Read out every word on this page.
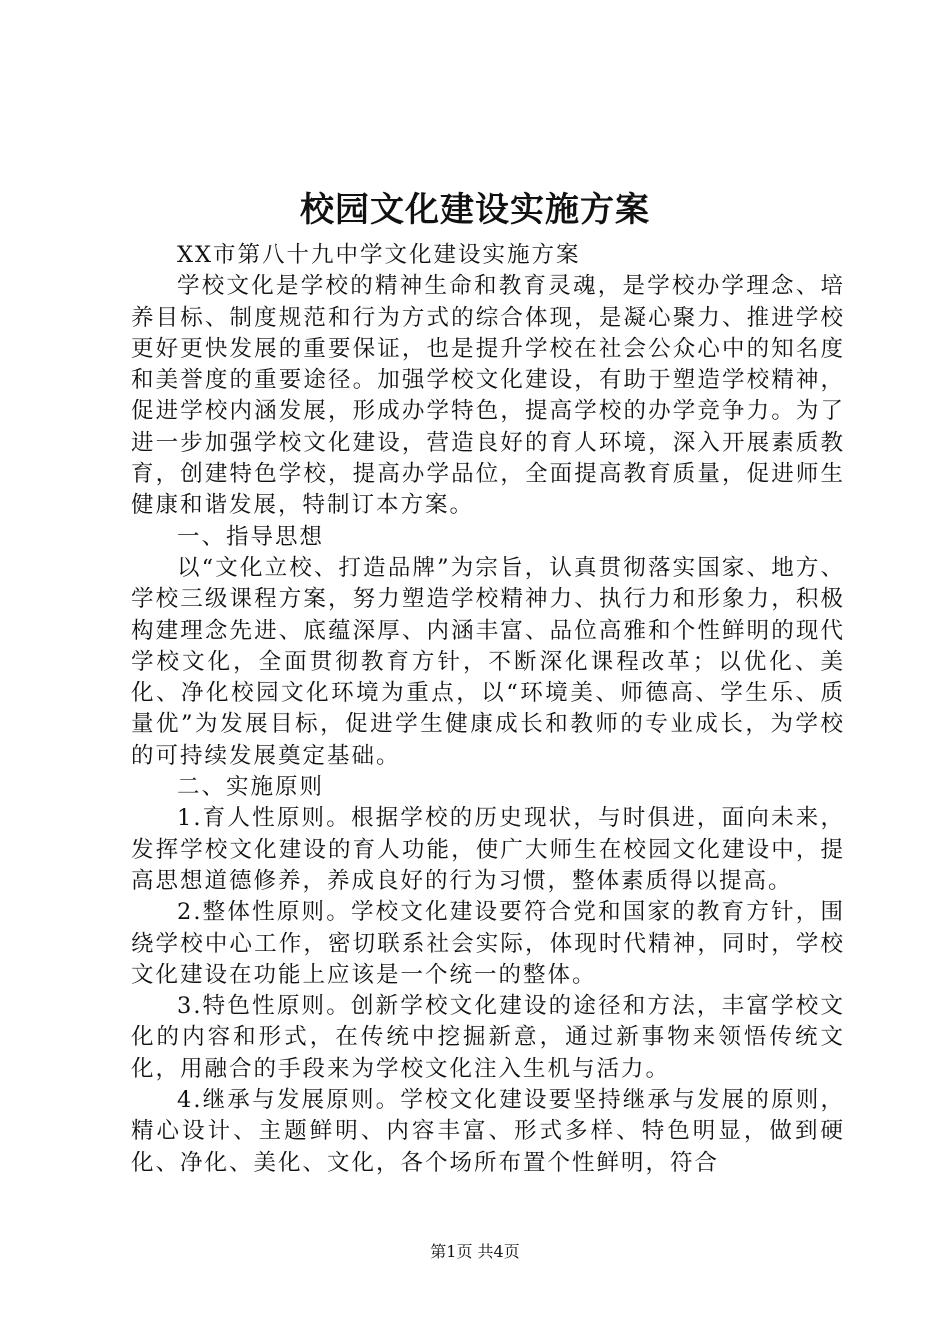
校园文化建设实施方案

XX市第八十九中学文化建设实施方案

学校文化是学校的精神生命和教育灵魂，是学校办学理念、培养目标、制度规范和行为方式的综合体现，是凝心聚力、推进学校更好更快发展的重要保证，也是提升学校在社会公众心中的知名度和美誉度的重要途径。加强学校文化建设，有助于塑造学校精神，促进学校内涵发展，形成办学特色，提高学校的办学竞争力。为了进一步加强学校文化建设，营造良好的育人环境，深入开展素质教育，创建特色学校，提高办学品位，全面提高教育质量，促进师生健康和谐发展，特制订本方案。

一、指导思想

以“文化立校、打造品牌”为宗旨，认真贯彻落实国家、地方、学校三级课程方案，努力塑造学校精神力、执行力和形象力，积极构建理念先进、底蕴深厚、内涵丰富、品位高雅和个性鲜明的现代学校文化，全面贯彻教育方针，不断深化课程改革；以优化、美化、净化校园文化环境为重点，以“环境美、师德高、学生乐、质量优”为发展目标，促进学生健康成长和教师的专业成长，为学校的可持续发展奠定基础。

二、实施原则

1.育人性原则。根据学校的历史现状，与时俱进，面向未来，发挥学校文化建设的育人功能，使广大师生在校园文化建设中，提高思想道德修养，养成良好的行为习惯，整体素质得以提高。

2.整体性原则。学校文化建设要符合党和国家的教育方针，围绕学校中心工作，密切联系社会实际，体现时代精神，同时，学校文化建设在功能上应该是一个统一的整体。

3.特色性原则。创新学校文化建设的途径和方法，丰富学校文化的内容和形式，在传统中挖掘新意，通过新事物来领悟传统文化，用融合的手段来为学校文化注入生机与活力。

4.继承与发展原则。学校文化建设要坚持继承与发展的原则，精心设计、主题鲜明、内容丰富、形式多样、特色明显，做到硬化、净化、美化、文化，各个场所布置个性鲜明，符合

第1页 共4页
